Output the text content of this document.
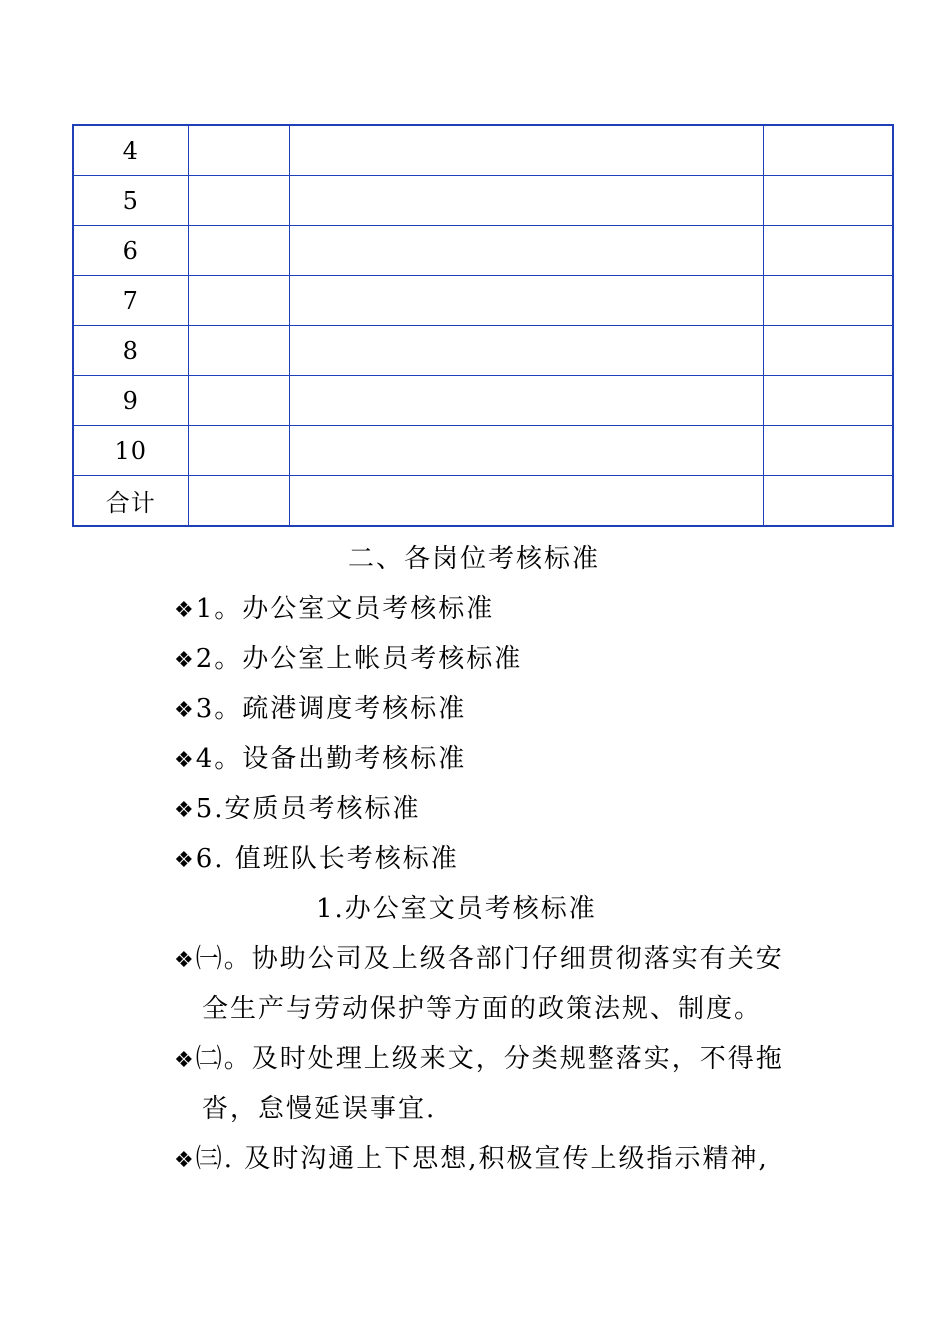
4			
5			
6			
7			
8			
9			
10			
合计			
二、各岗位考核标准
❖1。办公室文员考核标准
❖2。办公室上帐员考核标准
❖3。疏港调度考核标准
❖4。设备出勤考核标准
❖5.安质员考核标准
❖6. 值班队长考核标准
1.办公室文员考核标准
❖㈠。协助公司及上级各部门仔细贯彻落实有关安
全生产与劳动保护等方面的政策法规、制度。
❖㈡。及时处理上级来文，分类规整落实，不得拖
沓，怠慢延误事宜.
❖㈢. 及时沟通上下思想,积极宣传上级指示精神,
